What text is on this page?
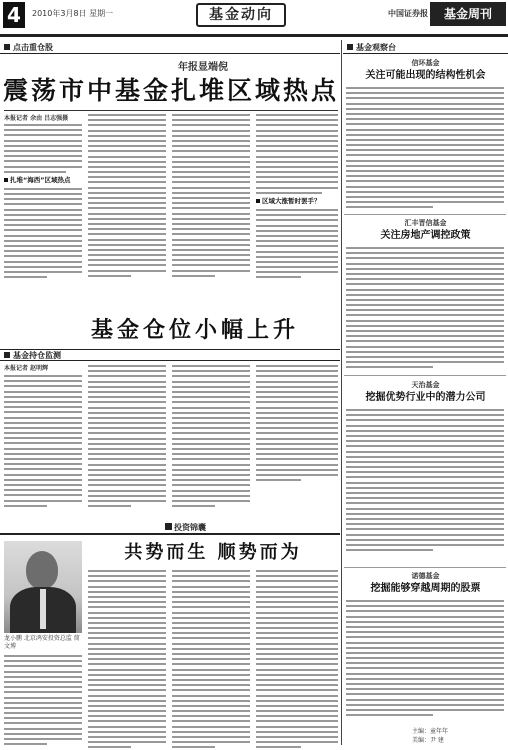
4	2010年3月8日 星期一	基金动向	中国证券报	基金周刊
点击重仓股
年报显端倪
震荡市中基金扎堆区域热点
本报记者 余由 吕志强摄
扎堆“海西”区域热点
区域大涨暂时罢手？
基金仓位小幅上升
基金持仓监测
本报记者 赵明辉
投资锦囊
龙小鹏 北京鸿安投资总监 简文博
共势而生 顺势而为
基金观察台
信环基金
关注可能出现的结构性机会
汇丰晋信基金
关注房地产调控政策
天治基金
挖掘优势行业中的潜力公司
诺德基金
挖掘能够穿越周期的股票
主编：童年年
美编：尹 建
